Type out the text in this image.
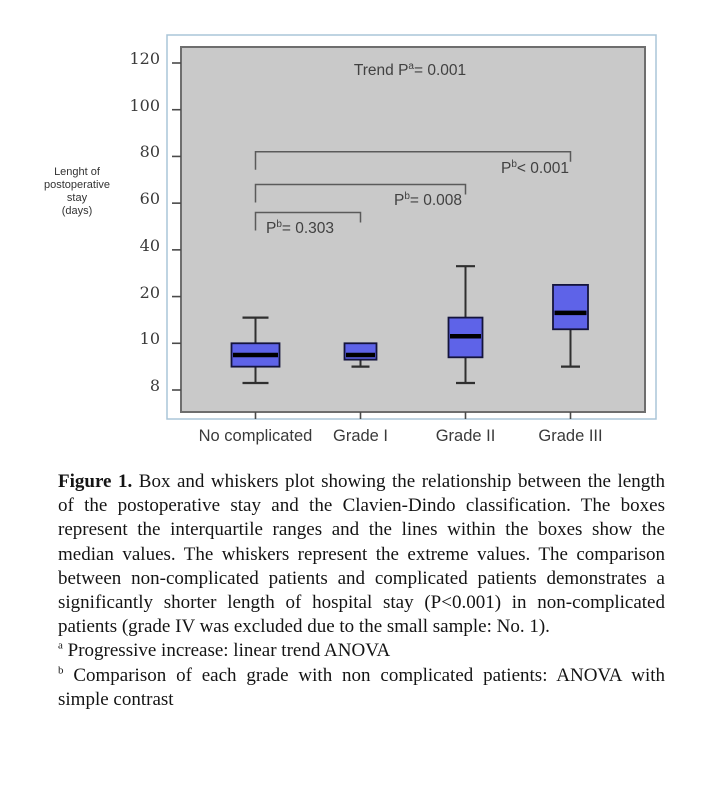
8
10
20
40
60
80
100
120
No complicated	Grade I	Grade II	Grade III
$P^b= 0.303$
$P^b= 0.008$
$P^b< 0.001$
Lenght of
postoperative
stay
(days)
Trend $P^a= 0.001$

Figure 1. Box and whiskers plot showing the relationship between the length of the postoperative stay and the Clavien-Dindo classification. The boxes represent the interquartile ranges and the lines within the boxes show the median values. The whiskers represent the extreme values. The comparison between non-complicated patients and complicated patients demonstrates a significantly shorter length of hospital stay (P<0.001) in non-complicated patients (grade IV was excluded due to the small sample: No. 1).

$^a$ Progressive increase: linear trend ANOVA

$^b$ Comparison of each grade with non complicated patients: ANOVA with simple contrast
